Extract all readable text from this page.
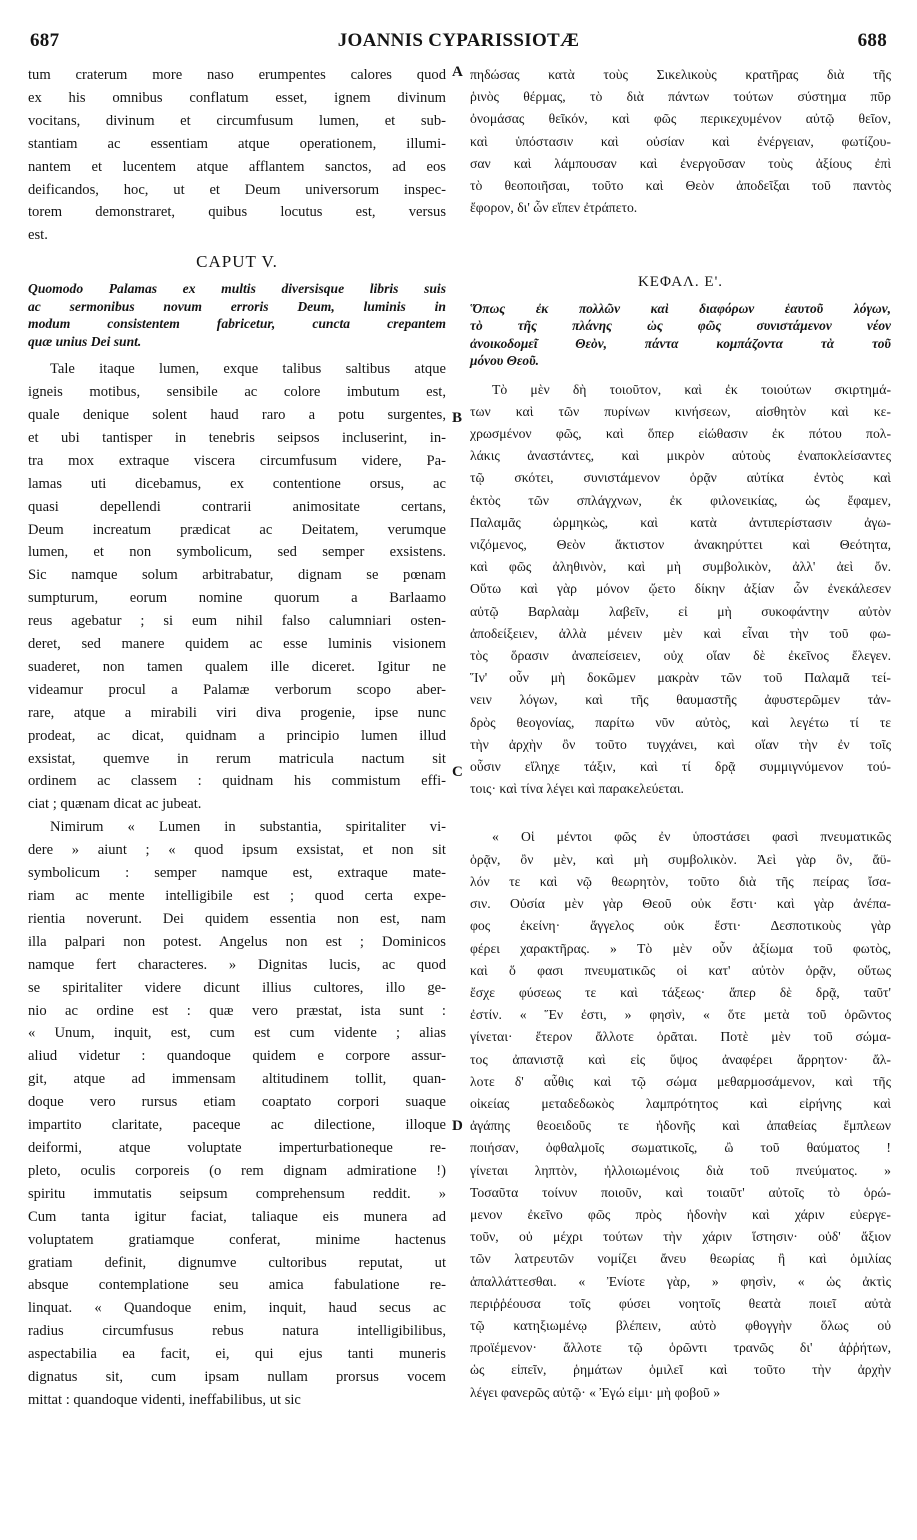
687	JOANNIS CYPARISSIOTÆ	688

tum craterum more naso erumpentes calores quod

ex his omnibus conflatum esset, ignem divinum

vocitans, divinum et circumfusum lumen, et sub-

stantiam ac essentiam atque operationem, illumi-

nantem et lucentem atque afflantem sanctos, ad eos

deificandos, hoc, ut et Deum universorum inspec-

torem demonstraret, quibus locutus est, versus

est.

CAPUT V.
Quomodo Palamas ex multis diversisque libris suis
ac sermonibus novum erroris Deum, luminis in
modum consistentem fabricetur, cuncta crepantem
quæ unius Dei sunt.

Tale itaque lumen, exque talibus saltibus atque

igneis motibus, sensibile ac colore imbutum est,

quale denique solent haud raro a potu surgentes,

et ubi tantisper in tenebris seipsos incluserint, in-

tra mox extraque viscera circumfusum videre, Pa-

lamas uti dicebamus, ex contentione orsus, ac

quasi depellendi contrarii animositate certans,

Deum increatum prædicat ac Deitatem, verumque

lumen, et non symbolicum, sed semper exsistens.

Sic namque solum arbitrabatur, dignam se pœnam

sumpturum, eorum nomine quorum a Barlaamo

reus agebatur ; si eum nihil falso calumniari osten-

deret, sed manere quidem ac esse luminis visionem

suaderet, non tamen qualem ille diceret. Igitur ne

videamur procul a Palamæ verborum scopo aber-

rare, atque a mirabili viri diva progenie, ipse nunc

prodeat, ac dicat, quidnam a principio lumen illud

exsistat, quemve in rerum matricula nactum sit

ordinem ac classem : quidnam his commistum effi-

ciat ; quænam dicat ac jubeat.

Nimirum « Lumen in substantia, spiritaliter vi-

dere » aiunt ; « quod ipsum exsistat, et non sit

symbolicum : semper namque est, extraque mate-

riam ac mente intelligibile est ; quod certa expe-

rientia noverunt. Dei quidem essentia non est, nam

illa palpari non potest. Angelus non est ; Dominicos

namque fert characteres. » Dignitas lucis, ac quod

se spiritaliter videre dicunt illius cultores, illo ge-

nio ac ordine est : quæ vero præstat, ista sunt :

« Unum, inquit, est, cum est cum vidente ; alias

aliud videtur : quandoque quidem e corpore assur-

git, atque ad immensam altitudinem tollit, quan-

doque vero rursus etiam coaptato corpori suaque

impartito claritate, paceque ac dilectione, illoque

deiformi, atque voluptate imperturbationeque re-

pleto, oculis corporeis (o rem dignam admiratione !)

spiritu immutatis seipsum comprehensum reddit. »

Cum tanta igitur faciat, taliaque eis munera ad

voluptatem gratiamque conferat, minime hactenus

gratiam definit, dignumve cultoribus reputat, ut

absque contemplatione seu amica fabulatione re-

linquat. « Quandoque enim, inquit, haud secus ac

radius circumfusus rebus natura intelligibilibus,

aspectabilia ea facit, ei, qui ejus tanti muneris

dignatus sit, cum ipsam nullam prorsus vocem

mittat : quandoque videnti, ineffabilibus, ut sic

A
B
C
D

πηδώσας κατὰ τοὺς Σικελικοὺς κρατῆρας διὰ τῆς

ῥινὸς θέρμας, τὸ διὰ πάντων τούτων σύστημα πῦρ

ὀνομάσας θεῖκόν, καὶ φῶς περικεχυμένον αὐτῷ θεῖον,

καὶ ὑπόστασιν καὶ οὐσίαν καὶ ἐνέργειαν, φωτίζου-

σαν καὶ λάμπουσαν καὶ ἐνεργοῦσαν τοὺς ἀξίους ἐπὶ

τὸ θεοποιῆσαι, τοῦτο καὶ Θεὸν ἀποδεῖξαι τοῦ παντὸς

ἔφορον, δι' ὧν εἴπεν ἐτράπετο.

ΚΕΦΑΛ. Ε'.
Ὅπως ἐκ πολλῶν καὶ διαφόρων ἑαυτοῦ λόγων,
τὸ τῆς πλάνης ὡς φῶς συνιστάμενον νέον
ἀνοικοδομεῖ Θεὸν, πάντα κομπάζοντα τὰ τοῦ
μόνου Θεοῦ.

Τὸ μὲν δὴ τοιοῦτον, καὶ ἐκ τοιούτων σκιρτημά-

των καὶ τῶν πυρίνων κινήσεων, αἰσθητὸν καὶ κε-

χρωσμένον φῶς, καὶ ὅπερ εἰώθασιν ἐκ πότου πολ-

λάκις ἀναστάντες, καὶ μικρὸν αὐτοὺς ἐναποκλείσαντες

τῷ σκότει, συνιστάμενον ὁρᾷν αὐτίκα ἐντὸς καὶ

ἐκτὸς τῶν σπλάγχνων, ἐκ φιλονεικίας, ὡς ἔφαμεν,

Παλαμᾶς ὡρμηκὼς, καὶ κατὰ ἀντιπερίστασιν ἀγω-

νιζόμενος, Θεὸν ἄκτιστον ἀνακηρύττει καὶ Θεότητα,

καὶ φῶς ἀληθινὸν, καὶ μὴ συμβολικὸν, ἀλλ' ἀεὶ ὄν.

Οὕτω καὶ γὰρ μόνον ᾤετο δίκην ἀξίαν ὧν ἐνεκάλεσεν

αὐτῷ Βαρλαὰμ λαβεῖν, εἰ μὴ συκοφάντην αὐτὸν

ἀποδείξειεν, ἀλλὰ μένειν μὲν καὶ εἶναι τὴν τοῦ φω-

τὸς ὅρασιν ἀναπείσειεν, οὐχ οἵαν δὲ ἐκεῖνος ἔλεγεν.

Ἵν' οὖν μὴ δοκῶμεν μακρὰν τῶν τοῦ Παλαμᾶ τεί-

νειν λόγων, καὶ τῆς θαυμαστῆς ἀφυστερῶμεν τἀν-

δρὸς θεογονίας, παρίτω νῦν αὐτὸς, καὶ λεγέτω τί τε

τὴν ἀρχὴν ὂν τοῦτο τυγχάνει, καὶ οἵαν τὴν ἐν τοῖς

οὖσιν εἴληχε τάξιν, καὶ τί δρᾷ συμμιγνύμενον τού-

τοις· καὶ τίνα λέγει καὶ παρακελεύεται.

« Οἱ μέντοι φῶς ἐν ὑποστάσει φασὶ πνευματικῶς

ὁρᾷν, ὂν μὲν, καὶ μὴ συμβολικὸν. Ἀεὶ γὰρ ὂν, ἄϋ-

λόν τε καὶ νῷ θεωρητὸν, τοῦτο διὰ τῆς πείρας ἴσα-

σιν. Οὐσία μὲν γὰρ Θεοῦ οὐκ ἔστι· καὶ γὰρ ἀνέπα-

φος ἐκείνη· ἄγγελος οὐκ ἔστι· Δεσποτικοὺς γὰρ

φέρει χαρακτῆρας. » Τὸ μὲν οὖν ἀξίωμα τοῦ φωτὸς,

καὶ ὅ φασι πνευματικῶς οἱ κατ' αὐτὸν ὁρᾷν, οὕτως

ἔσχε φύσεως τε καὶ τάξεως· ἅπερ δὲ δρᾷ, ταῦτ'

ἐστίν. « Ἕν ἐστι, » φησὶν, « ὅτε μετὰ τοῦ ὁρῶντος

γίνεται· ἕτερον ἄλλοτε ὁρᾶται. Ποτὲ μὲν τοῦ σώμα-

τος ἀπανιστᾷ καὶ εἰς ὕψος ἀναφέρει ἄρρητον· ἄλ-

λοτε δ' αὖθις καὶ τῷ σώμα μεθαρμοσάμενον, καὶ τῆς

οἰκείας μεταδεδωκὸς λαμπρότητος καὶ εἰρήνης καὶ

ἀγάπης θεοειδοῦς τε ἡδονῆς καὶ ἀπαθείας ἔμπλεων

ποιήσαν, ὀφθαλμοῖς σωματικοῖς, ὢ τοῦ θαύματος !

γίνεται ληπτὸν, ἠλλοιωμένοις διὰ τοῦ πνεύματος. »

Τοσαῦτα τοίνυν ποιοῦν, καὶ τοιαῦτ' αὐτοῖς τὸ ὁρώ-

μενον ἐκεῖνο φῶς πρὸς ἡδονὴν καὶ χάριν εὐεργε-

τοῦν, οὐ μέχρι τούτων τὴν χάριν ἵστησιν· οὐδ' ἄξιον

τῶν λατρευτῶν νομίζει ἄνευ θεωρίας ἢ καὶ ὁμιλίας

ἀπαλλάττεσθαι. « Ἐνίοτε γὰρ, » φησὶν, « ὡς ἀκτὶς

περιῤῥέουσα τοῖς φύσει νοητοῖς θεατὰ ποιεῖ αὐτὰ

τῷ κατηξιωμένῳ βλέπειν, αὐτὸ φθογγὴν ὅλως οὐ

προϊέμενον· ἄλλοτε τῷ ὁρῶντι τρανῶς δι' ἀῤῥήτων,

ὡς εἰπεῖν, ῥημάτων ὁμιλεῖ καὶ τοῦτο τὴν ἀρχὴν

λέγει φανερῶς αὐτῷ· « Ἐγώ εἰμι· μὴ φοβοῦ »
